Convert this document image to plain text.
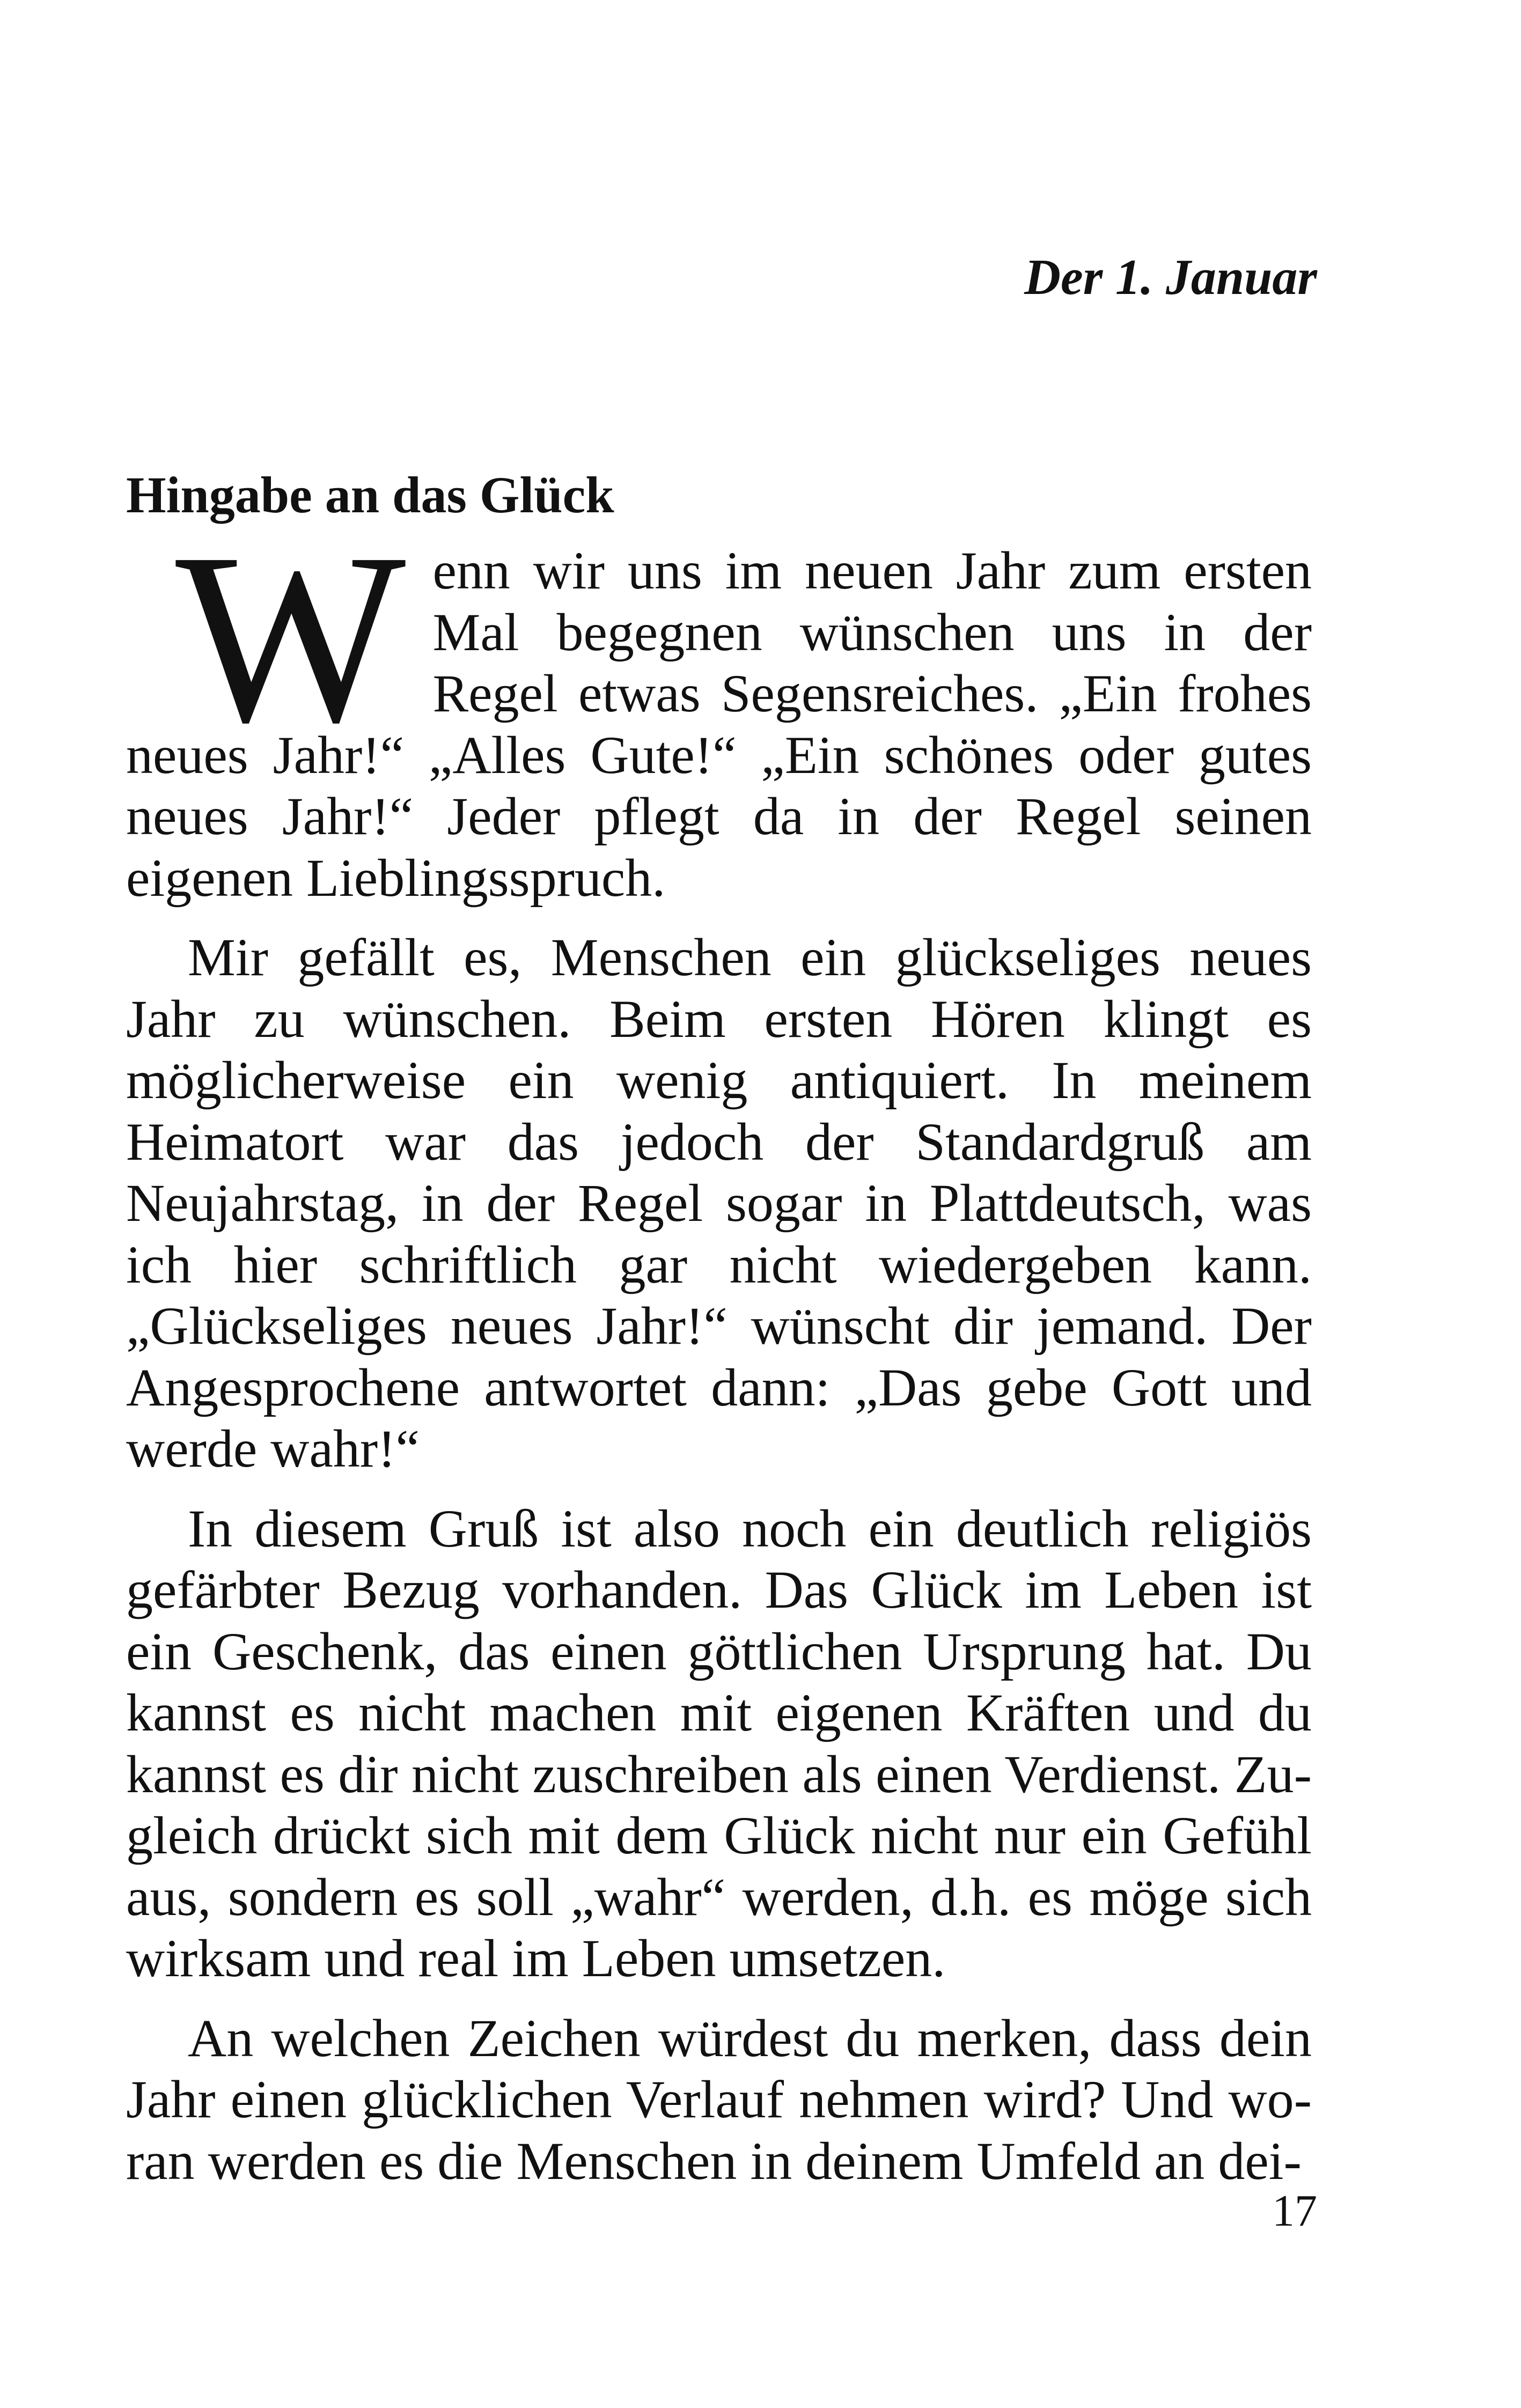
Der 1. Januar
Hingabe an das Glück

Wenn wir uns im neuen Jahr zum ersten Mal begegnen wünschen uns in der Regel etwas Segensreiches. „Ein frohes neues Jahr!“ „Alles Gute!“ „Ein schönes oder gutes neues Jahr!“ Jeder pflegt da in der Regel seinen eigenen Lieblingsspruch.

Mir gefällt es, Menschen ein glückseliges neues Jahr zu wünschen. Beim ersten Hören klingt es möglicherweise ein wenig antiquiert. In meinem Heimatort war das jedoch der Standardgruß am Neujahrstag, in der Regel sogar in Plattdeutsch, was ich hier schriftlich gar nicht wiedergeben kann. „Glückseliges neues Jahr!“ wünscht dir jemand. Der Angesprochene antwortet dann: „Das gebe Gott und werde wahr!“

In diesem Gruß ist also noch ein deutlich religiös gefärbter Bezug vorhanden. Das Glück im Leben ist ein Geschenk, das einen göttlichen Ursprung hat. Du kannst es nicht machen mit eigenen Kräften und du kannst es dir nicht zuschreiben als einen Verdienst. Zugleich drückt sich mit dem Glück nicht nur ein Gefühl aus, sondern es soll „wahr“ werden, d.h. es möge sich wirksam und real im Leben umsetzen.

An welchen Zeichen würdest du merken, dass dein Jahr einen glücklichen Verlauf nehmen wird? Und woran werden es die Menschen in deinem Umfeld an dei-

17
